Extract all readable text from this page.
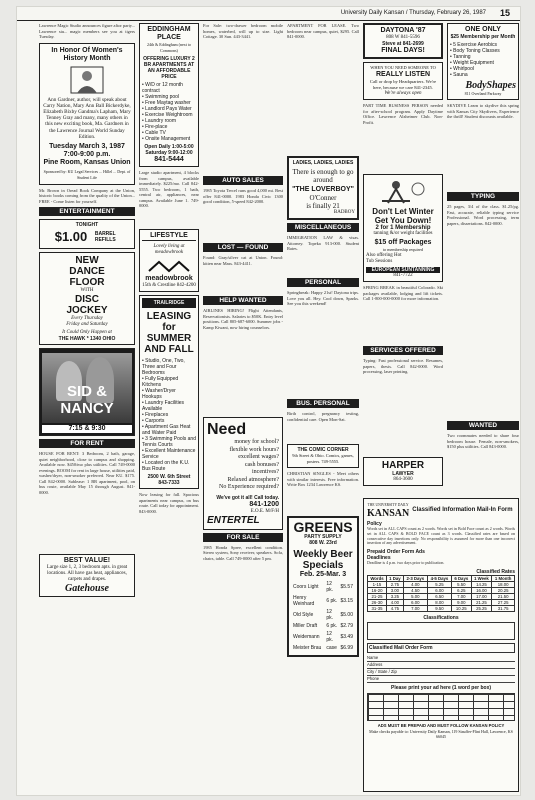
University Daily Kansan / Thursday, February 26, 1987 15
Lawrence Magic Studio announces figure aftor party... Lawrence stu... magic members see you at tigers Tuesday.
In Honor Of Women's History Month
Ann Gardner, author, will speak about Carry Nation, Mary Ann Ball Bickerdyke, Elizabeth Bixby Gandma's Lapham, Mary Tenney Gray and many, many others in this new exciting book, Ma. Gardners in the Lawrence Journal World Sunday Edition.
Tuesday March 3, 1987 7:00-9:00 p.m.
Pine Room, Kansas Union
Sponsored by: KU Legal Services ... Hillel ... Dept. of Student Life
Mr. Brown in Oread Book Company at the Union, historic books coming from the quality of the Union... FREE - Come listen for yourself.
ENTERTAINMENT
TONIGHT
$1.00 BARREL REFILLS
NEW
DANCE
FLOOR
WITH
DISC
JOCKEY
Every Thursday
Friday and Saturday
It Could Only Happen at
THE HAWK * 1340 OHIO
SID & NANCY
7:15 & 9:30
FOR RENT
HOUSE FOR RENT: 3 Bedroom, 2 bath, garage, quiet neighborhood, close to campus and shopping. Available now. $450/mo plus utilities. Call 749-0000 evenings. ROOM for rent in large house, utilities paid, washer/dryer, non-smoker preferred. Near KU. $175. Call 842-0000. Sublease: 1 BR apartment, pool, on bus route, available May 15 through August. 841-0000.
BEST VALUE!
Large size 1, 2, 3 bedroom apts. in great locations. All have gas heat, appliances, carpets and drapes.
Gatehouse
EDDINGHAM PLACE
24th & Eddingham (next to Commons)
OFFERING LUXURY 2 BR APARTMENTS AT AN AFFORDABLE PRICE
• W/D or 12 month contract
• Swimming pool
• Free Maytag washer
• Landlord Pays Water
• Exercise Weightroom
• Laundry room
• Fire-place
• Cable TV
• Onsite Management
Open Daily 1:00-5:00 Saturday 9:00-12:00
841-5444
Large studio apartment, 4 blocks from campus, available immediately. $225/mo. Call 842-5555. Two bedroom, 1 bath, central air, appliances, near campus. Available June 1. 749-0000.
LIFESTYLE
Lovely living at meadowbrook
meadowbrook
15th & Crestline 842-4200
TRAILRIDGE
LEASING for SUMMER AND FALL
• Studio, One, Two, Three and Four Bedrooms
• Fully Equipped Kitchens
• Washer/Dryer Hookups
• Laundry Facilities Available
• Fireplaces
• Carports
• Apartment Gas Heat and Water Paid
• 3 Swimming Pools and Tennis Courts
• Excellent Maintenance Service
• Located on the K.U. Bus Route
2500 W. 6th Street 843-7333
Now leasing for fall. Spacious apartments near campus, on bus route. Call today for appointment. 843-0000.
For Sale: two-drawer bedroom mobile homes, waterbed, will up to size. Light Cottage. 30 Sun. 443-3441.
AUTO SALES
1985 Toyota Tercel runs good 4,000 mi. Best offer 841-0000. 1983 Honda Civic 1300 good condition, 5-speed 842-2000.
LOST — FOUND
Found: Gray/silver cat at Union. Found: kitten near Mass. 843-4411.
HELP WANTED
AIRLINES HIRING! Flight Attendants, Reservationists. Salaries to $50K. Entry level positions. Call 805-687-6000. Summer jobs - Kamp Kiwani, now hiring counselors.
Need
money for school?
flexible work hours?
excellent wages?
cash bonuses?
incentives?
Relaxed atmosphere?
No Experience required?
We've got it all! Call today.
841-1200
E.O.E. M/F/H
ENTERTEL
FOR SALE
1985 Honda Spree, excellent condition. Stereo system, Sony receiver, speakers. Sofa, chairs, table. Call 749-0000 after 5 pm.
APARTMENT FOR LEASE. Two bedroom near campus, quiet, $295. Call 841-0000.
LADIES, LADIES, LADIES
There is enough to go around
"THE LOVERBOY"
O'Conner
is finally 21
BADBOY
MISCELLANEOUS
IMMIGRATION LAW & visas. Attorney. Topeka 913-000. Student Rates.
PERSONAL
Springbreak: Happy 21st! Daytona trips. Love you all. Hey. Cool down, Sparks. See you this weekend!
BUS. PERSONAL
Birth control, pregnancy testing, confidential care. Open Mon-Sat.
THE COMIC CORNER
9th Street & Ohio. Comics, games, posters. 749-5555.
CHRISTIAN SINGLES - Meet others with similar interests. Free information. Write Box 1234 Lawrence KS.
GREENS
PARTY SUPPLY
808 W. 23rd
Weekly Beer Specials
Feb. 25-Mar. 3
Coors Light	12 pk.	$5.57
Henry Weinhard	6 pk.	$3.15
Old Style	12 pk.	$5.00
Miller Draft	6 pk.	$2.79
Weidemann	12 pk.	$3.49
Meister Brau	case	$6.99
DAYTONA '87
808 W 841-5596
Steve at 841-2699
FINAL DAYS!
WHEN YOU NEED SOMEONE TO
REALLY LISTEN
Call or drop by Headquarters. We're here, because we care 841-2345.
We're always open
PART TIME BUSINESS PERSON needed for after-school program. Apply Daytime Office. Lawrence Alzheimer Club. Non-Profit.
Don't Let Winter Get You Down!
2 for 1 Membership
tanning &/or weight facilities
$15 off Packages
to membership required
Also offering Hot Tub Sessions
EUROPEAN SUNTANNING
841-7722
SPRING BREAK in beautiful Colorado. Ski packages available, lodging and lift tickets. Call 1-800-000-0000 for more information.
SERVICES OFFERED
Typing: Fast professional service. Resumes, papers, thesis. Call 842-0000. Word processing, laser printing.
HARPER
LAWYER
864-3600
ONE ONLY
$25 Membership per Month
• 5 Exercise Aerobics
• Body Toning Classes
• Tanning
• Weight Equipment
• Whirlpool
• Sauna
BodyShapes
811 Overland Parkway
SKYDIVE Learn to skydive this spring with Kansas City Skydivers, Experience the thrill! Student discounts available.
TYPING
25 pages, 3/4 of the class. $1.25/pg. Fast, accurate, reliable typing service Professional. Word processing, term papers, dissertations. 842-0000.
WANTED
Two roommates needed to share four bedroom house. Female, non-smokers, $150 plus utilities. Call 843-0000.
THE UNIVERSITY DAILY
KANSAN Classified Information Mail-In Form
Policy
Words set in ALL CAPS count as 2 words. Words set in Bold Face count as 2 words. Words set in ALL CAPS & BOLD FACE count as 3 words. Classified rates are based on consecutive day insertions only. No responsibility is assumed for more than one incorrect insertion of any advertisement.
Prepaid Order Form Ads
Deadlines
Deadline is 4 p.m. two days prior to publication.
Classified Rates
Words	1 Day	2-3 Days	4-5 Days	6 Days	1 Week	1 Month
1-15	2.75	4.00	5.25	5.50	14.25	18.00
16-20	3.00	4.50	6.00	6.25	16.00	20.25
21-25	3.25	5.00	6.50	7.00	17.00	21.50
26-30	4.00	6.00	8.00	9.00	21.25	27.25
31-35	4.75	7.00	9.50	10.25	25.25	31.75
Classifications
Classified Mail Order Form
Name
Address
City / State / Zip
Phone
Please print your ad here (1 word per box)
ADS MUST BE PREPAID AND MUST FOLLOW KANSAN POLICY
Make checks payable to: University Daily Kansan, 119 Stauffer-Flint Hall, Lawrence, KS 66045
